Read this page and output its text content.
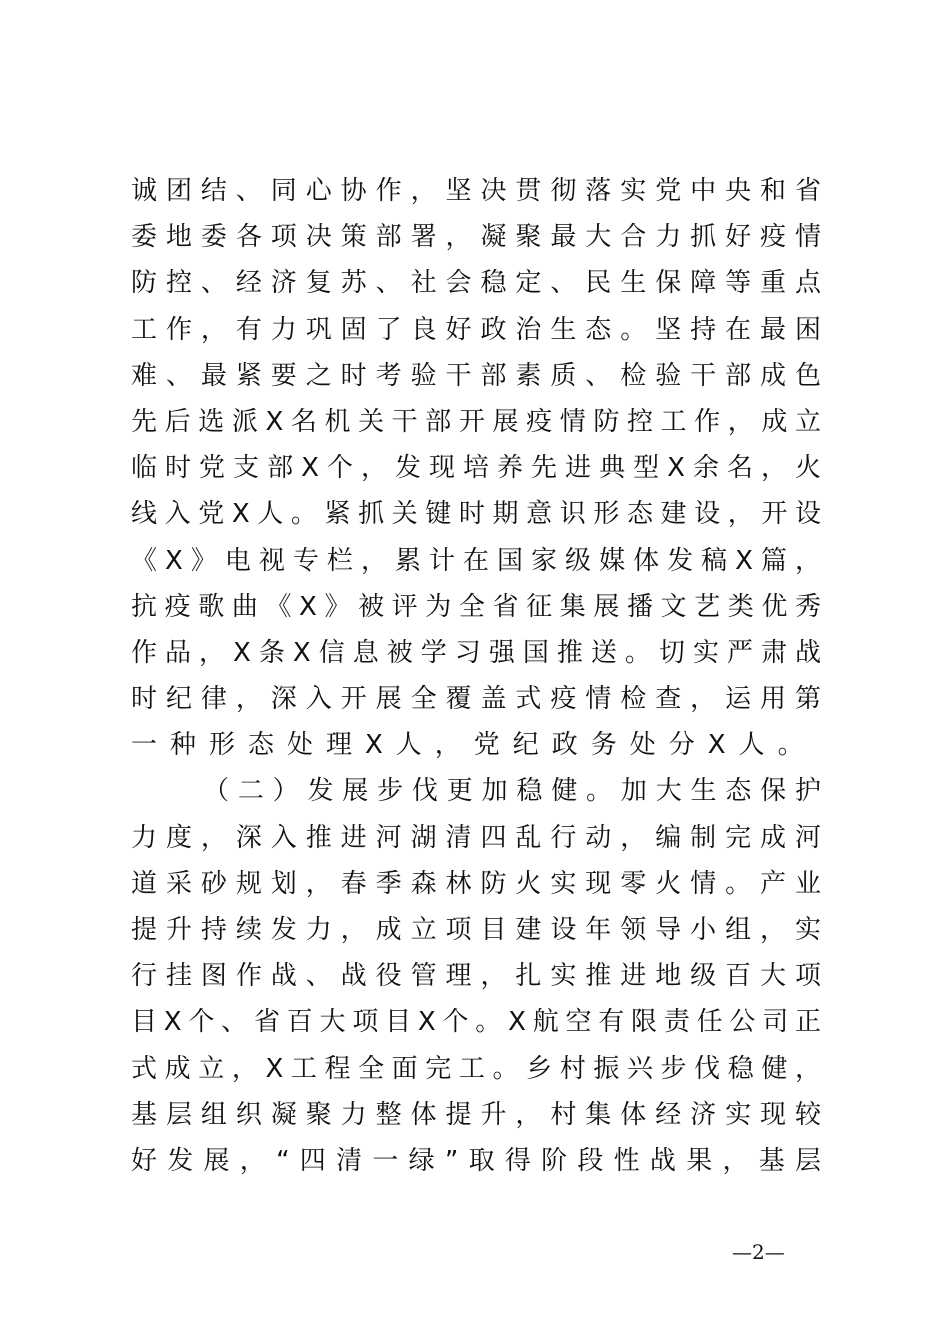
诚团结、同心协作，坚决贯彻落实党中央和省
委地委各项决策部署，凝聚最大合力抓好疫情
防控、经济复苏、社会稳定、民生保障等重点
工作，有力巩固了良好政治生态。坚持在最困
难、最紧要之时考验干部素质、检验干部成色
先后选派X名机关干部开展疫情防控工作，成立
临时党支部X个，发现培养先进典型X余名，火
线入党X人。紧抓关键时期意识形态建设，开设
《X》电视专栏，累计在国家级媒体发稿X篇，
抗疫歌曲《X》被评为全省征集展播文艺类优秀
作品，X条X信息被学习强国推送。切实严肃战
时纪律，深入开展全覆盖式疫情检查，运用第
一种形态处理X人，党纪政务处分X人。
（二）发展步伐更加稳健。加大生态保护
力度，深入推进河湖清四乱行动，编制完成河
道采砂规划，春季森林防火实现零火情。产业
提升持续发力，成立项目建设年领导小组，实
行挂图作战、战役管理，扎实推进地级百大项
目X个、省百大项目X个。X航空有限责任公司正
式成立，X工程全面完工。乡村振兴步伐稳健，
基层组织凝聚力整体提升，村集体经济实现较
好发展，“四清一绿”取得阶段性战果，基层
—2—
